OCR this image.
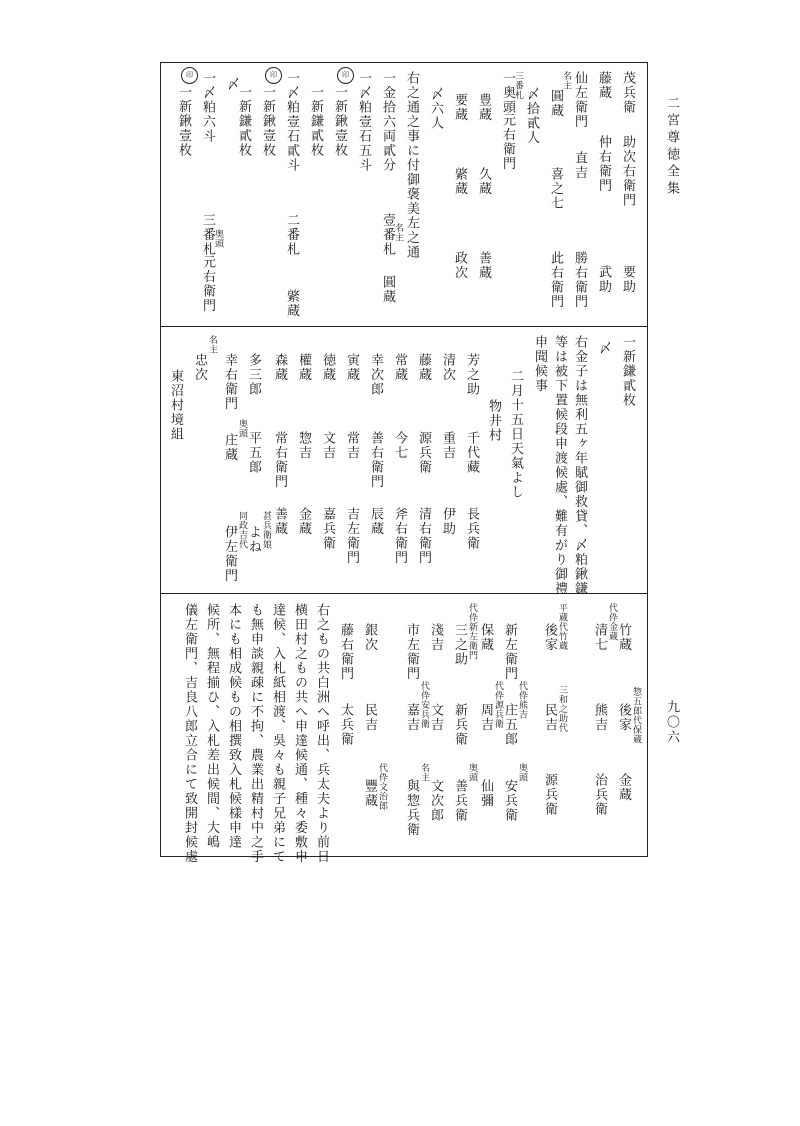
二宮尊徳全集
九〇六
茂兵衛
助次右衛門
要助
藤蔵
仲右衛門
武助
仙左衛門
直吉
勝右衛門
名主
圓蔵
喜之七
此右衛門
〆拾貳人
三番札
一奥頭
元右衛門
豊蔵
久蔵
善蔵
要蔵
綮蔵
政次
〆六人
右之通之事に付御褒美左之通
一金拾六両貳分
名主
壹番札
圓蔵
一〆粕壹石五斗
印
一新鍬壹枚
一新鎌貳枚
一〆粕壹石貳斗
二番札
綮蔵
印
一新鍬壹枚
一新鎌貳枚
〆
一〆粕六斗
奥頭
三番札
元右衛門
印
一新鍬壹枚
一新鎌貳枚
〆
右金子は無利五ヶ年賦御救貸、〆粕鍬鎌
等は被下置候段申渡候處、難有がり御禮
申聞候事
二月十五日天氣よし
物井村
芳之助
千代藏
長兵衛
清次
重吉
伊助
藤蔵
源兵衛
清右衛門
常蔵
今七
斧右衛門
幸次郎
善右衛門
辰蔵
寅蔵
常吉
吉左衛門
徳蔵
文吉
嘉兵衛
權蔵
惣吉
金蔵
森蔵
常右衛門
善蔵
多三郎
平五郎
甚兵衛娘
よね
幸右衛門
奥頭
庄蔵
同政吉代
伊左衛門
名主
忠次
東沼村境組
竹蔵
惣五郎代保蔵
後家
金蔵
代伜金蔵
清七
熊吉
治兵衛
平蔵代竹蔵
後家
三和之助代
民吉
源兵衛
新左衛門
代伜熊吉
庄五郎
奥頭
安兵衛
保蔵
代伜源兵衛
周吉
仙彌
代伜新左衛門
三之助
新兵衛
奥頭
善兵衛
淺吉
文吉
文次郎
市左衛門
代伜安兵衛
嘉吉
名主
與惣兵衛
銀次
民吉
代伜文治郎
豐蔵
藤右衛門
太兵衛
右之もの共白洲へ呼出、兵太夫より前日
横田村之もの共へ申達候通、種々委敷申
達候、入札紙相渡、吳々も親子兄弟にて
も無申談親疎に不拘、農業出精村中之手
本にも相成候もの相撰致入札候樣申達
候所、無程揃ひ、入札差出候間、大嶋
儀左衛門、吉良八郎立合にて致開封候處
